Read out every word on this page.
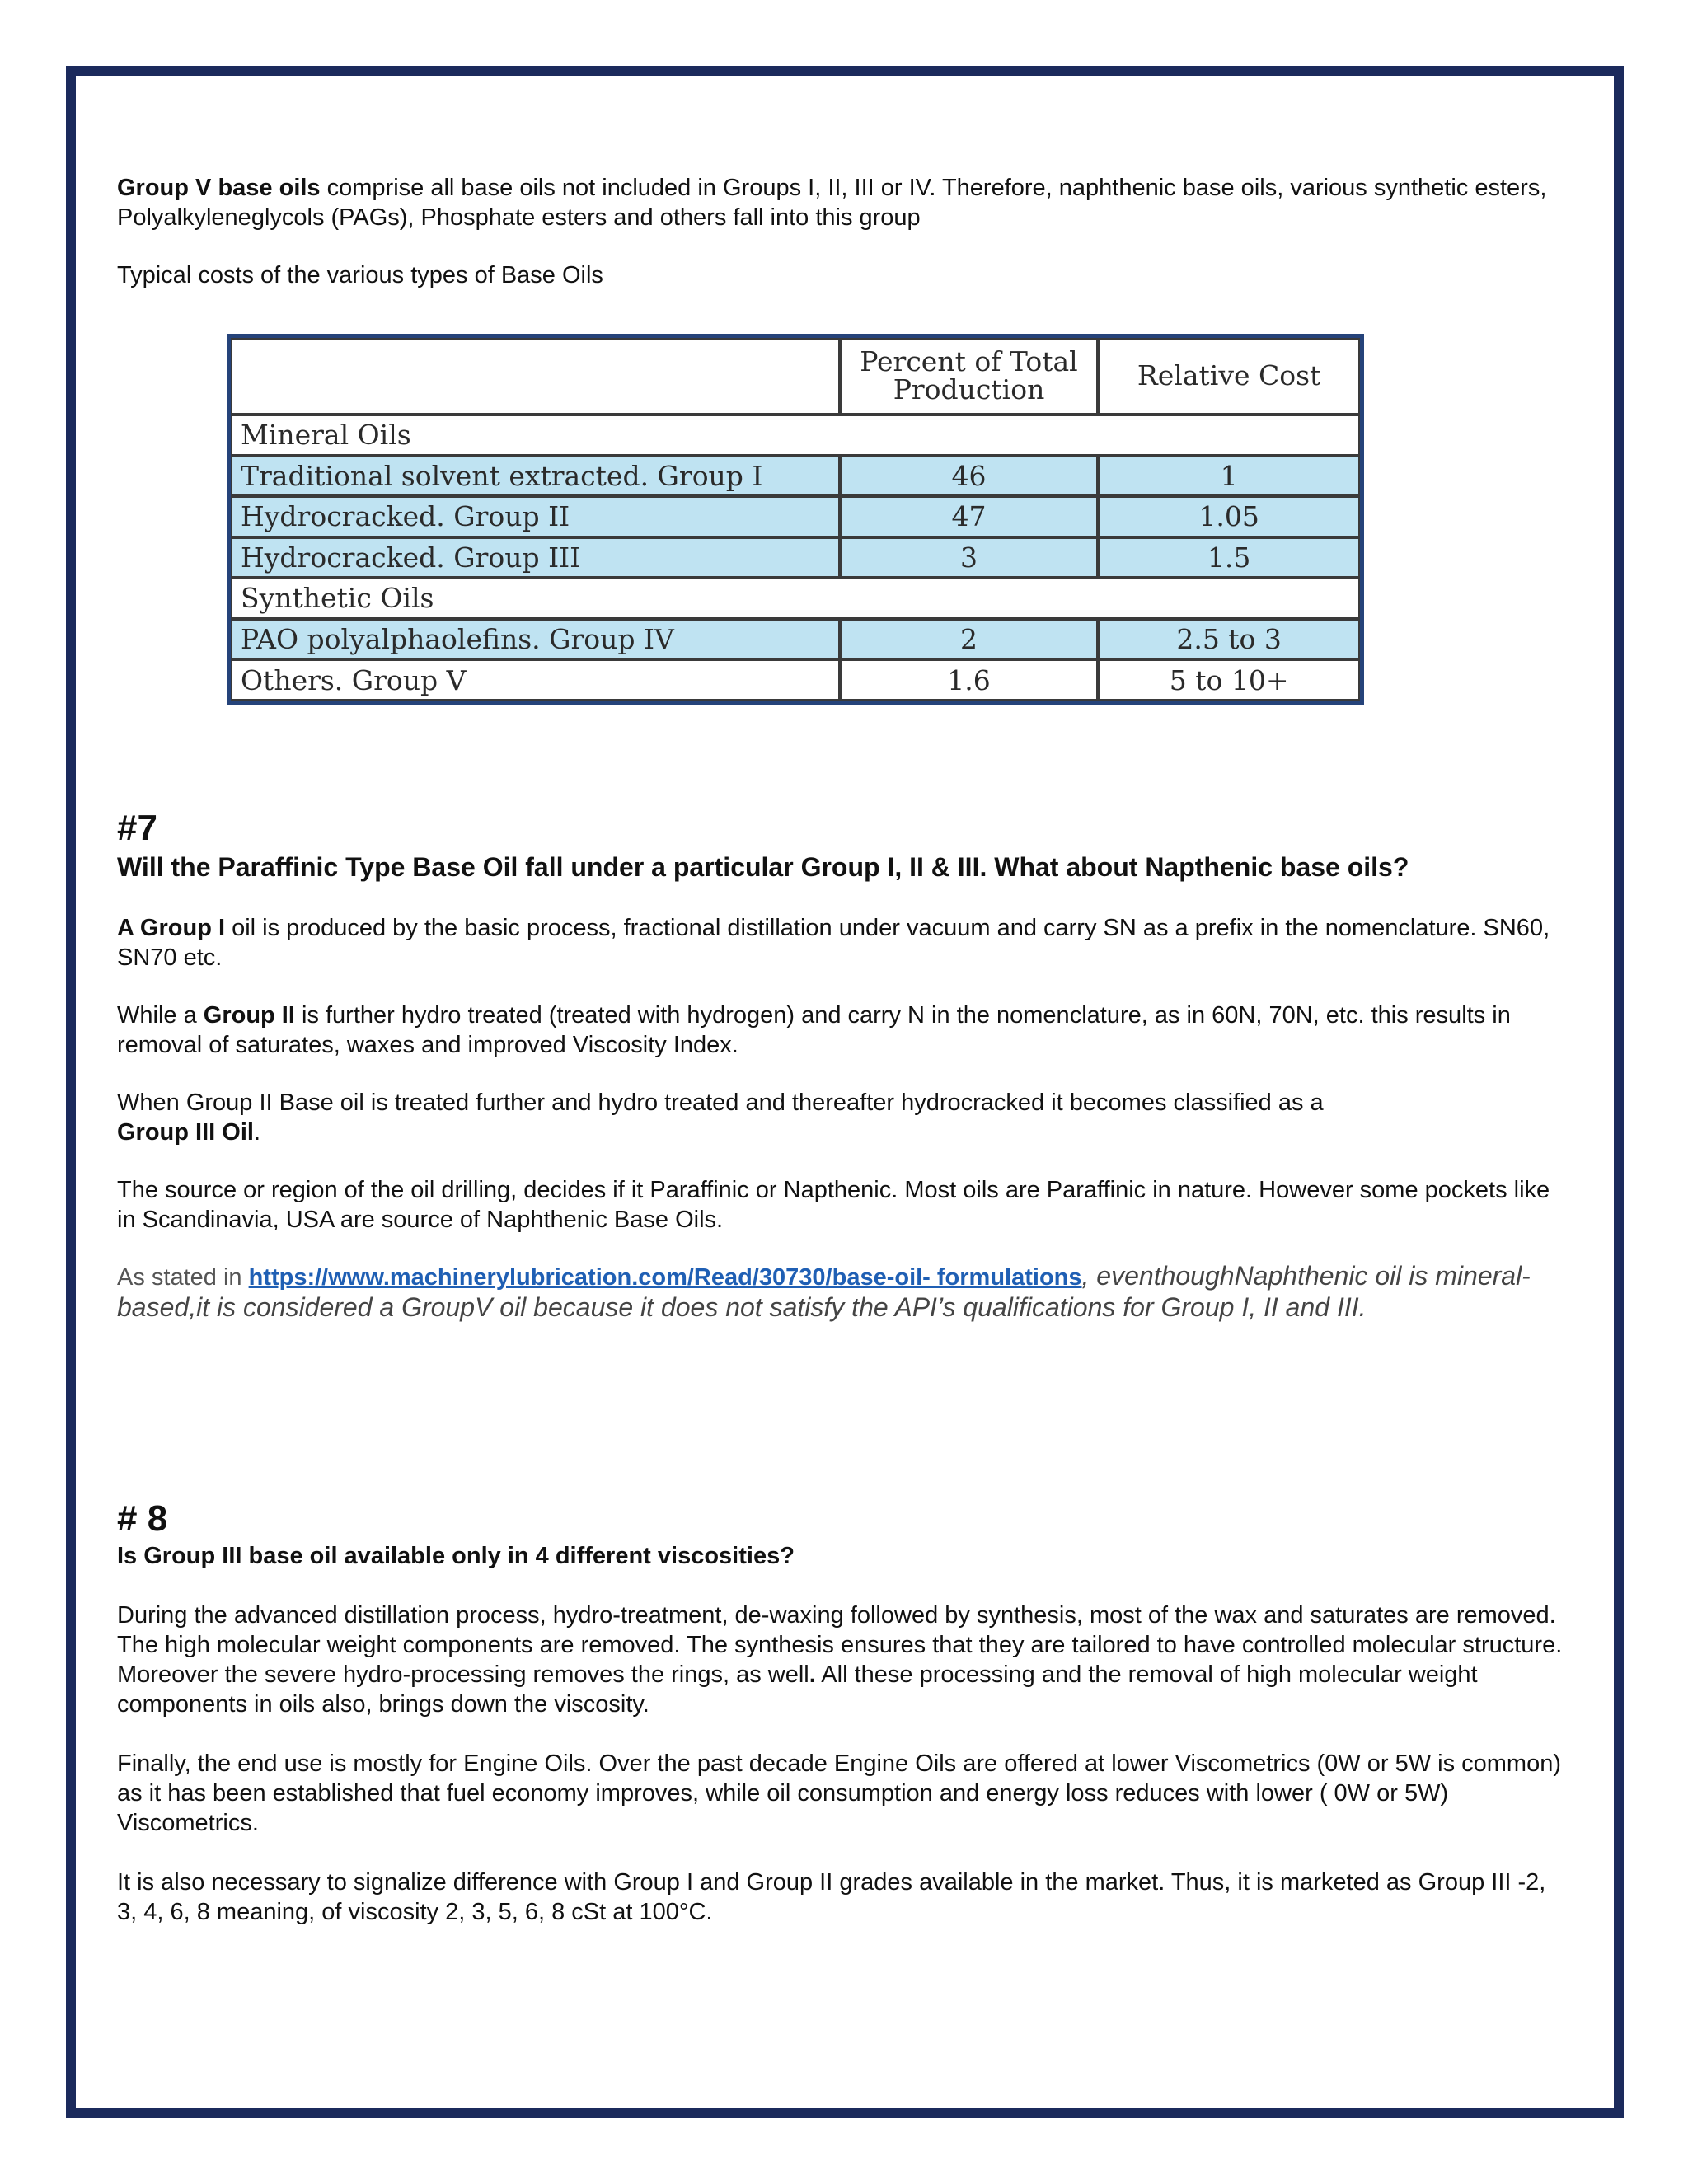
Group V base oils comprise all base oils not included in Groups I, II, III or IV. Therefore, naphthenic base oils, various synthetic esters, Polyalkyleneglycols (PAGs), Phosphate esters and others fall into this group

Typical costs of the various types of Base Oils

	Percent of Total Production	Relative Cost
Mineral Oils		
Traditional solvent extracted. Group I	46	1
Hydrocracked. Group II	47	1.05
Hydrocracked. Group III	3	1.5
Synthetic Oils		
PAO polyalphaolefins. Group IV	2	2.5 to 3
Others. Group V	1.6	5 to 10+

#7

Will the Paraffinic Type Base Oil fall under a particular Group I, II & III. What about Napthenic base oils?

A Group I oil is produced by the basic process, fractional distillation under vacuum and carry SN as a prefix in the nomenclature. SN60, SN70 etc.

While a Group II is further hydro treated (treated with hydrogen) and carry N in the nomenclature, as in 60N, 70N, etc. this results in removal of saturates, waxes and improved Viscosity Index.

When Group II Base oil is treated further and hydro treated and thereafter hydrocracked it becomes classified as a
Group III Oil.

The source or region of the oil drilling, decides if it Paraffinic or Napthenic. Most oils are Paraffinic in nature. However some pockets like in Scandinavia, USA are source of Naphthenic Base Oils.

As stated in https://www.machinerylubrication.com/Read/30730/base-oil- formulations, eventhoughNaphthenic oil is mineral-based,it is considered a GroupV oil because it does not satisfy the API’s qualifications for Group I, II and III.

# 8

Is Group III base oil available only in 4 different viscosities?

During the advanced distillation process, hydro-treatment, de-waxing followed by synthesis, most of the wax and saturates are removed. The high molecular weight components are removed. The synthesis ensures that they are tailored to have controlled molecular structure. Moreover the severe hydro-processing removes the rings, as well. All these processing and the removal of high molecular weight components in oils also, brings down the viscosity.

Finally, the end use is mostly for Engine Oils. Over the past decade Engine Oils are offered at lower Viscometrics (0W or 5W is common) as it has been established that fuel economy improves, while oil consumption and energy loss reduces with lower ( 0W or 5W) Viscometrics.

It is also necessary to signalize difference with Group I and Group II grades available in the market. Thus, it is marketed as Group III -2, 3, 4, 6, 8 meaning, of viscosity 2, 3, 5, 6, 8 cSt at 100°C.
